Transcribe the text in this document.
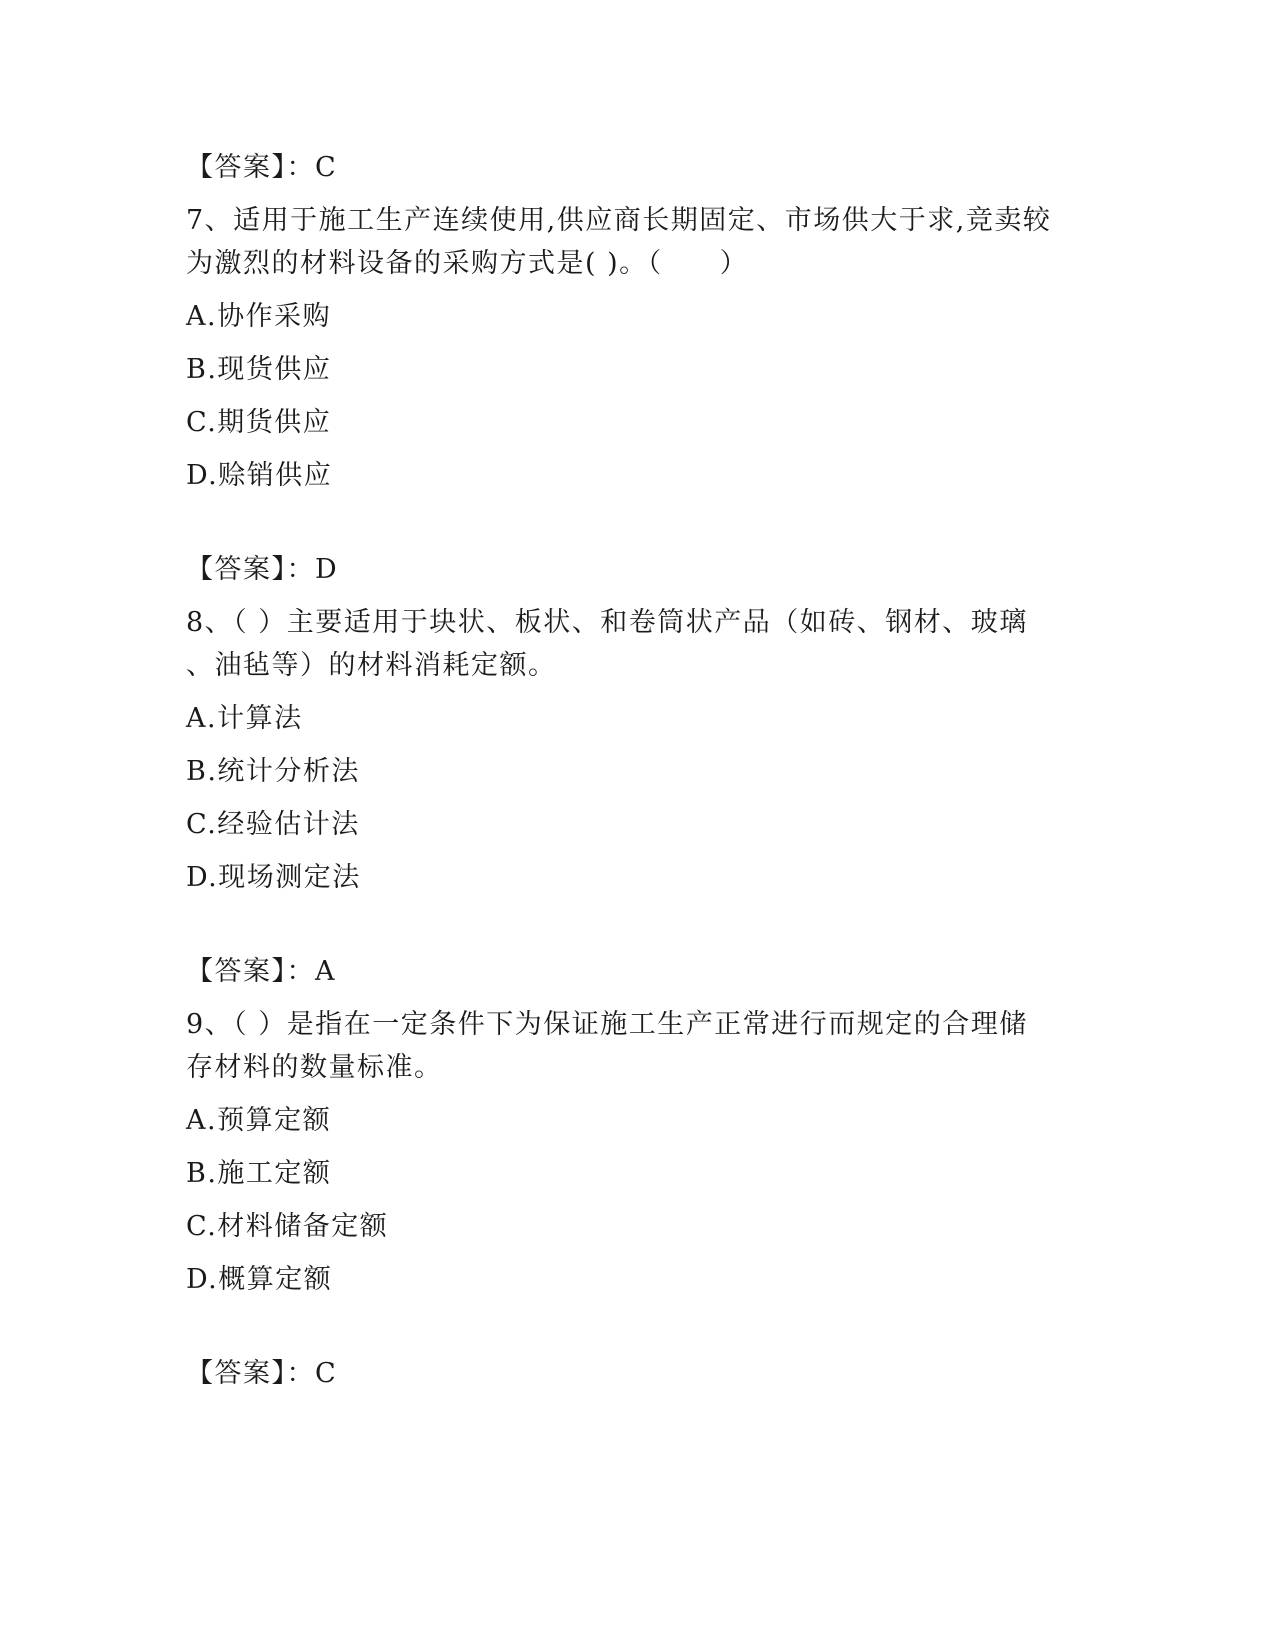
【答案】：C
7、适用于施工生产连续使用,供应商长期固定、市场供大于求,竞卖较
为激烈的材料设备的采购方式是( )。（　　）
A.协作采购
B.现货供应
C.期货供应
D.赊销供应
【答案】：D
8、（ ）主要适用于块状、板状、和卷筒状产品（如砖、钢材、玻璃
、油毡等）的材料消耗定额。
A.计算法
B.统计分析法
C.经验估计法
D.现场测定法
【答案】：A
9、（ ）是指在一定条件下为保证施工生产正常进行而规定的合理储
存材料的数量标准。
A.预算定额
B.施工定额
C.材料储备定额
D.概算定额
【答案】：C
